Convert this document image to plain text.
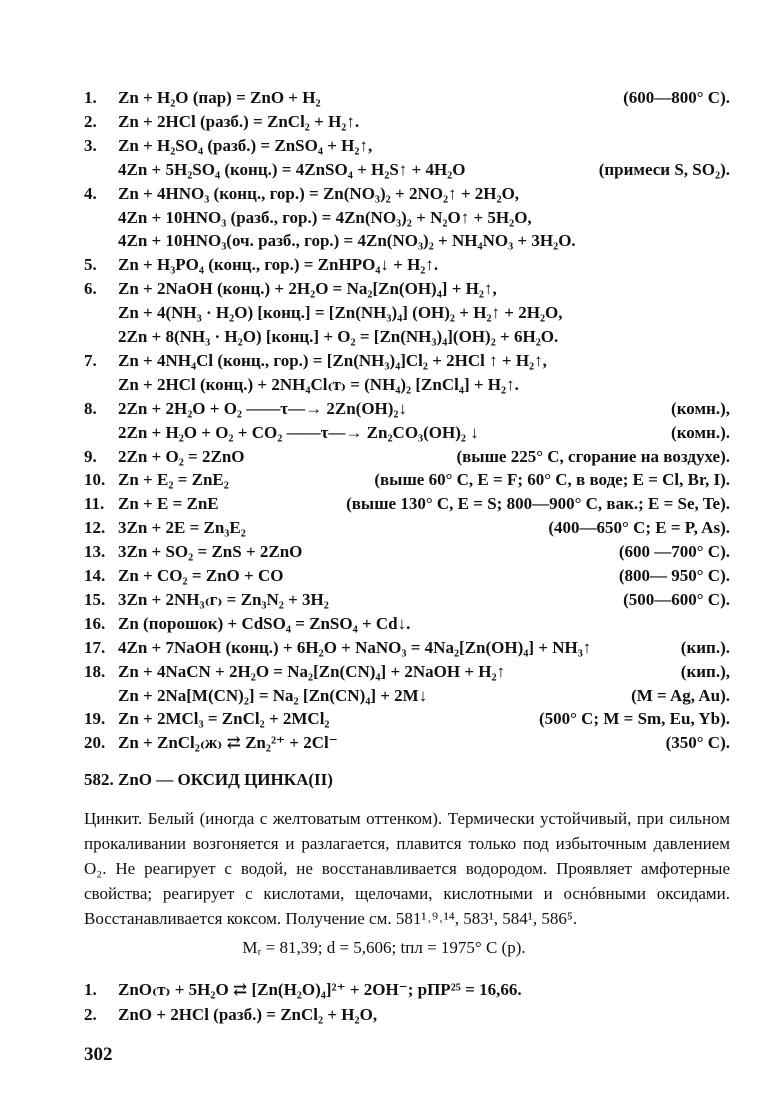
1.	Zn + H₂O (пар) = ZnO + H₂	(600—800° C).
2.	Zn + 2HCl (разб.) = ZnCl₂ + H₂↑.
3.	Zn + H₂SO₄ (разб.) = ZnSO₄ + H₂↑,
4Zn + 5H₂SO₄ (конц.) = 4ZnSO₄ + H₂S↑ + 4H₂O	(примеси S, SO₂).
4.	Zn + 4HNO₃ (конц., гор.) = Zn(NO₃)₂ + 2NO₂↑ + 2H₂O,
4Zn + 10HNO₃ (разб., гор.) = 4Zn(NO₃)₂ + N₂O↑ + 5H₂O,
4Zn + 10HNO₃(оч. разб., гор.) = 4Zn(NO₃)₂ + NH₄NO₃ + 3H₂O.
5.	Zn + H₃PO₄ (конц., гор.) = ZnHPO₄↓ + H₂↑.
6.	Zn + 2NaOH (конц.) + 2H₂O = Na₂[Zn(OH)₄] + H₂↑,
Zn + 4(NH₃ · H₂O) [конц.] = [Zn(NH₃)₄] (OH)₂ + H₂↑ + 2H₂O,
2Zn + 8(NH₃ · H₂O) [конц.] + O₂ = [Zn(NH₃)₄](OH)₂ + 6H₂O.
7.	Zn + 4NH₄Cl (конц., гор.) = [Zn(NH₃)₄]Cl₂ + 2HCl ↑ + H₂↑,
Zn + 2HCl (конц.) + 2NH₄Cl₍т₎ = (NH₄)₂ [ZnCl₄] + H₂↑.
8.	2Zn + 2H₂O + O₂ ——τ—→ 2Zn(OH)₂↓	(комн.),
2Zn + H₂O + O₂ + CO₂ ——τ—→ Zn₂CO₃(OH)₂ ↓	(комн.).
9.	2Zn + O₂ = 2ZnO	(выше 225° C, сгорание на воздухе).
10. Zn + E₂ = ZnE₂	(выше 60° C, E = F; 60° C, в воде; E = Cl, Br, I).
11. Zn + E = ZnE	(выше 130° C, E = S; 800—900° C, вак.; E = Se, Te).
12. 3Zn + 2E = Zn₃E₂	(400—650° C; E = P, As).
13. 3Zn + SO₂ = ZnS + 2ZnO	(600 —700° C).
14. Zn + CO₂ = ZnO + CO	(800— 950° C).
15. 3Zn + 2NH₃₍г₎ = Zn₃N₂ + 3H₂	(500—600° C).
16. Zn (порошок) + CdSO₄ = ZnSO₄ + Cd↓.
17. 4Zn + 7NaOH (конц.) + 6H₂O + NaNO₃ = 4Na₂[Zn(OH)₄] + NH₃↑	(кип.).
18. Zn + 4NaCN + 2H₂O = Na₂[Zn(CN)₄] + 2NaOH + H₂↑	(кип.),
Zn + 2Na[M(CN)₂] = Na₂ [Zn(CN)₄] + 2M↓	(M = Ag, Au).
19. Zn + 2MCl₃ = ZnCl₂ + 2MCl₂	(500° C; M = Sm, Eu, Yb).
20. Zn + ZnCl₂₍ж₎ ⇄ Zn₂²⁺ + 2Cl⁻	(350° C).
582. ZnO — ОКСИД ЦИНКА(II)
Цинкит. Белый (иногда с желтоватым оттенком). Термически устойчивый, при сильном прокаливании возгоняется и разлагается, плавится только под избыточным давлением O₂. Не реагирует с водой, не восстанавливается водородом. Проявляет амфотерные свойства; реагирует с кислотами, щелочами, кислотными и оснóвными оксидами. Восстанавливается коксом. Получение см. 581¹˒⁹˒¹⁴, 583¹, 584¹, 586⁵.
Mᵣ = 81,39; d = 5,606; tпл = 1975° C (p).
1.	ZnO₍т₎ + 5H₂O ⇄ [Zn(H₂O)₄]²⁺ + 2OH⁻; pПР²⁵ = 16,66.
2.	ZnO + 2HCl (разб.) = ZnCl₂ + H₂O,
302
